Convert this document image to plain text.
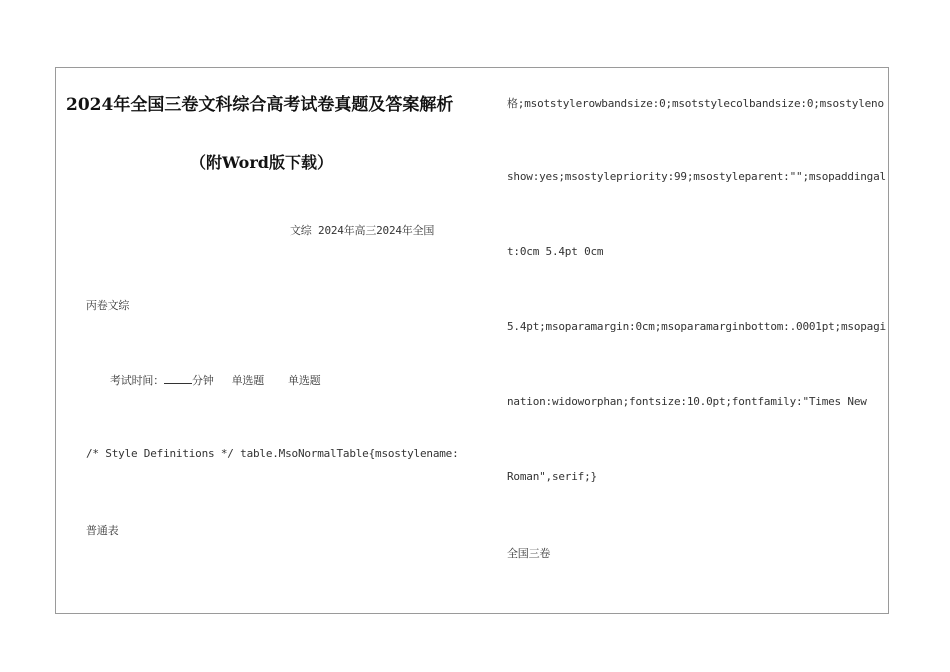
2024年全国三卷文科综合高考试卷真题及答案解析
（附Word版下载）
文综 2024年高三2024年全国
丙卷文综
考试时间：	分钟 单选题 单选题
/* Style Definitions */ table.MsoNormalTable{msostylename:
普通表
格;msotstylerowbandsize:0;msotstylecolbandsize:0;msostyleno
show:yes;msostylepriority:99;msostyleparent:"";msopaddingal
t:0cm 5.4pt 0cm
5.4pt;msoparamargin:0cm;msoparamarginbottom:.0001pt;msopagi
nation:widoworphan;fontsize:10.0pt;fontfamily:"Times New
Roman",serif;}
全国三卷
